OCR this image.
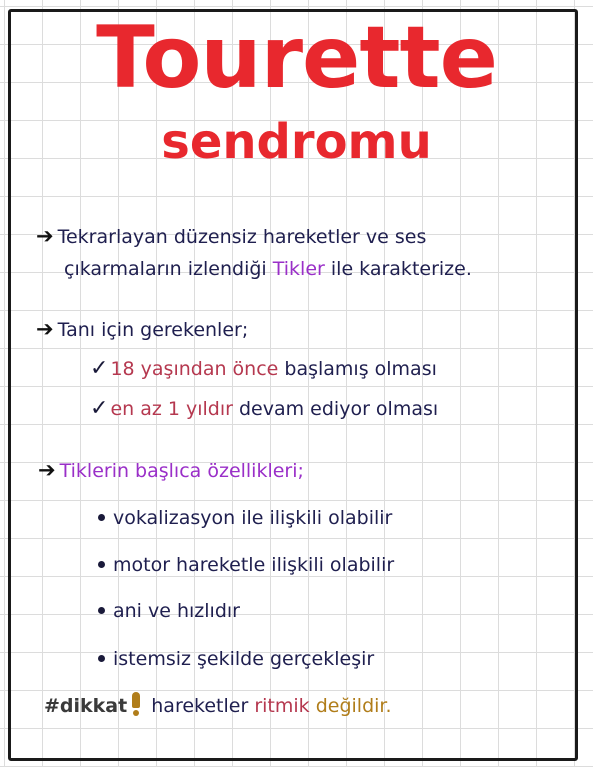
Tourette
sendromu
➔ Tekrarlayan düzensiz hareketler ve ses
çıkarmaların izlendiği Tikler ile karakterize.
➔ Tanı için gerekenler;
✓ 18 yaşından önce başlamış olması
✓ en az 1 yıldır devam ediyor olması
➔ Tiklerin başlıca özellikleri;
vokalizasyon ile ilişkili olabilir
motor hareketle ilişkili olabilir
ani ve hızlıdır
istemsiz şekilde gerçekleşir
#dikkat hareketler ritmik değildir.
